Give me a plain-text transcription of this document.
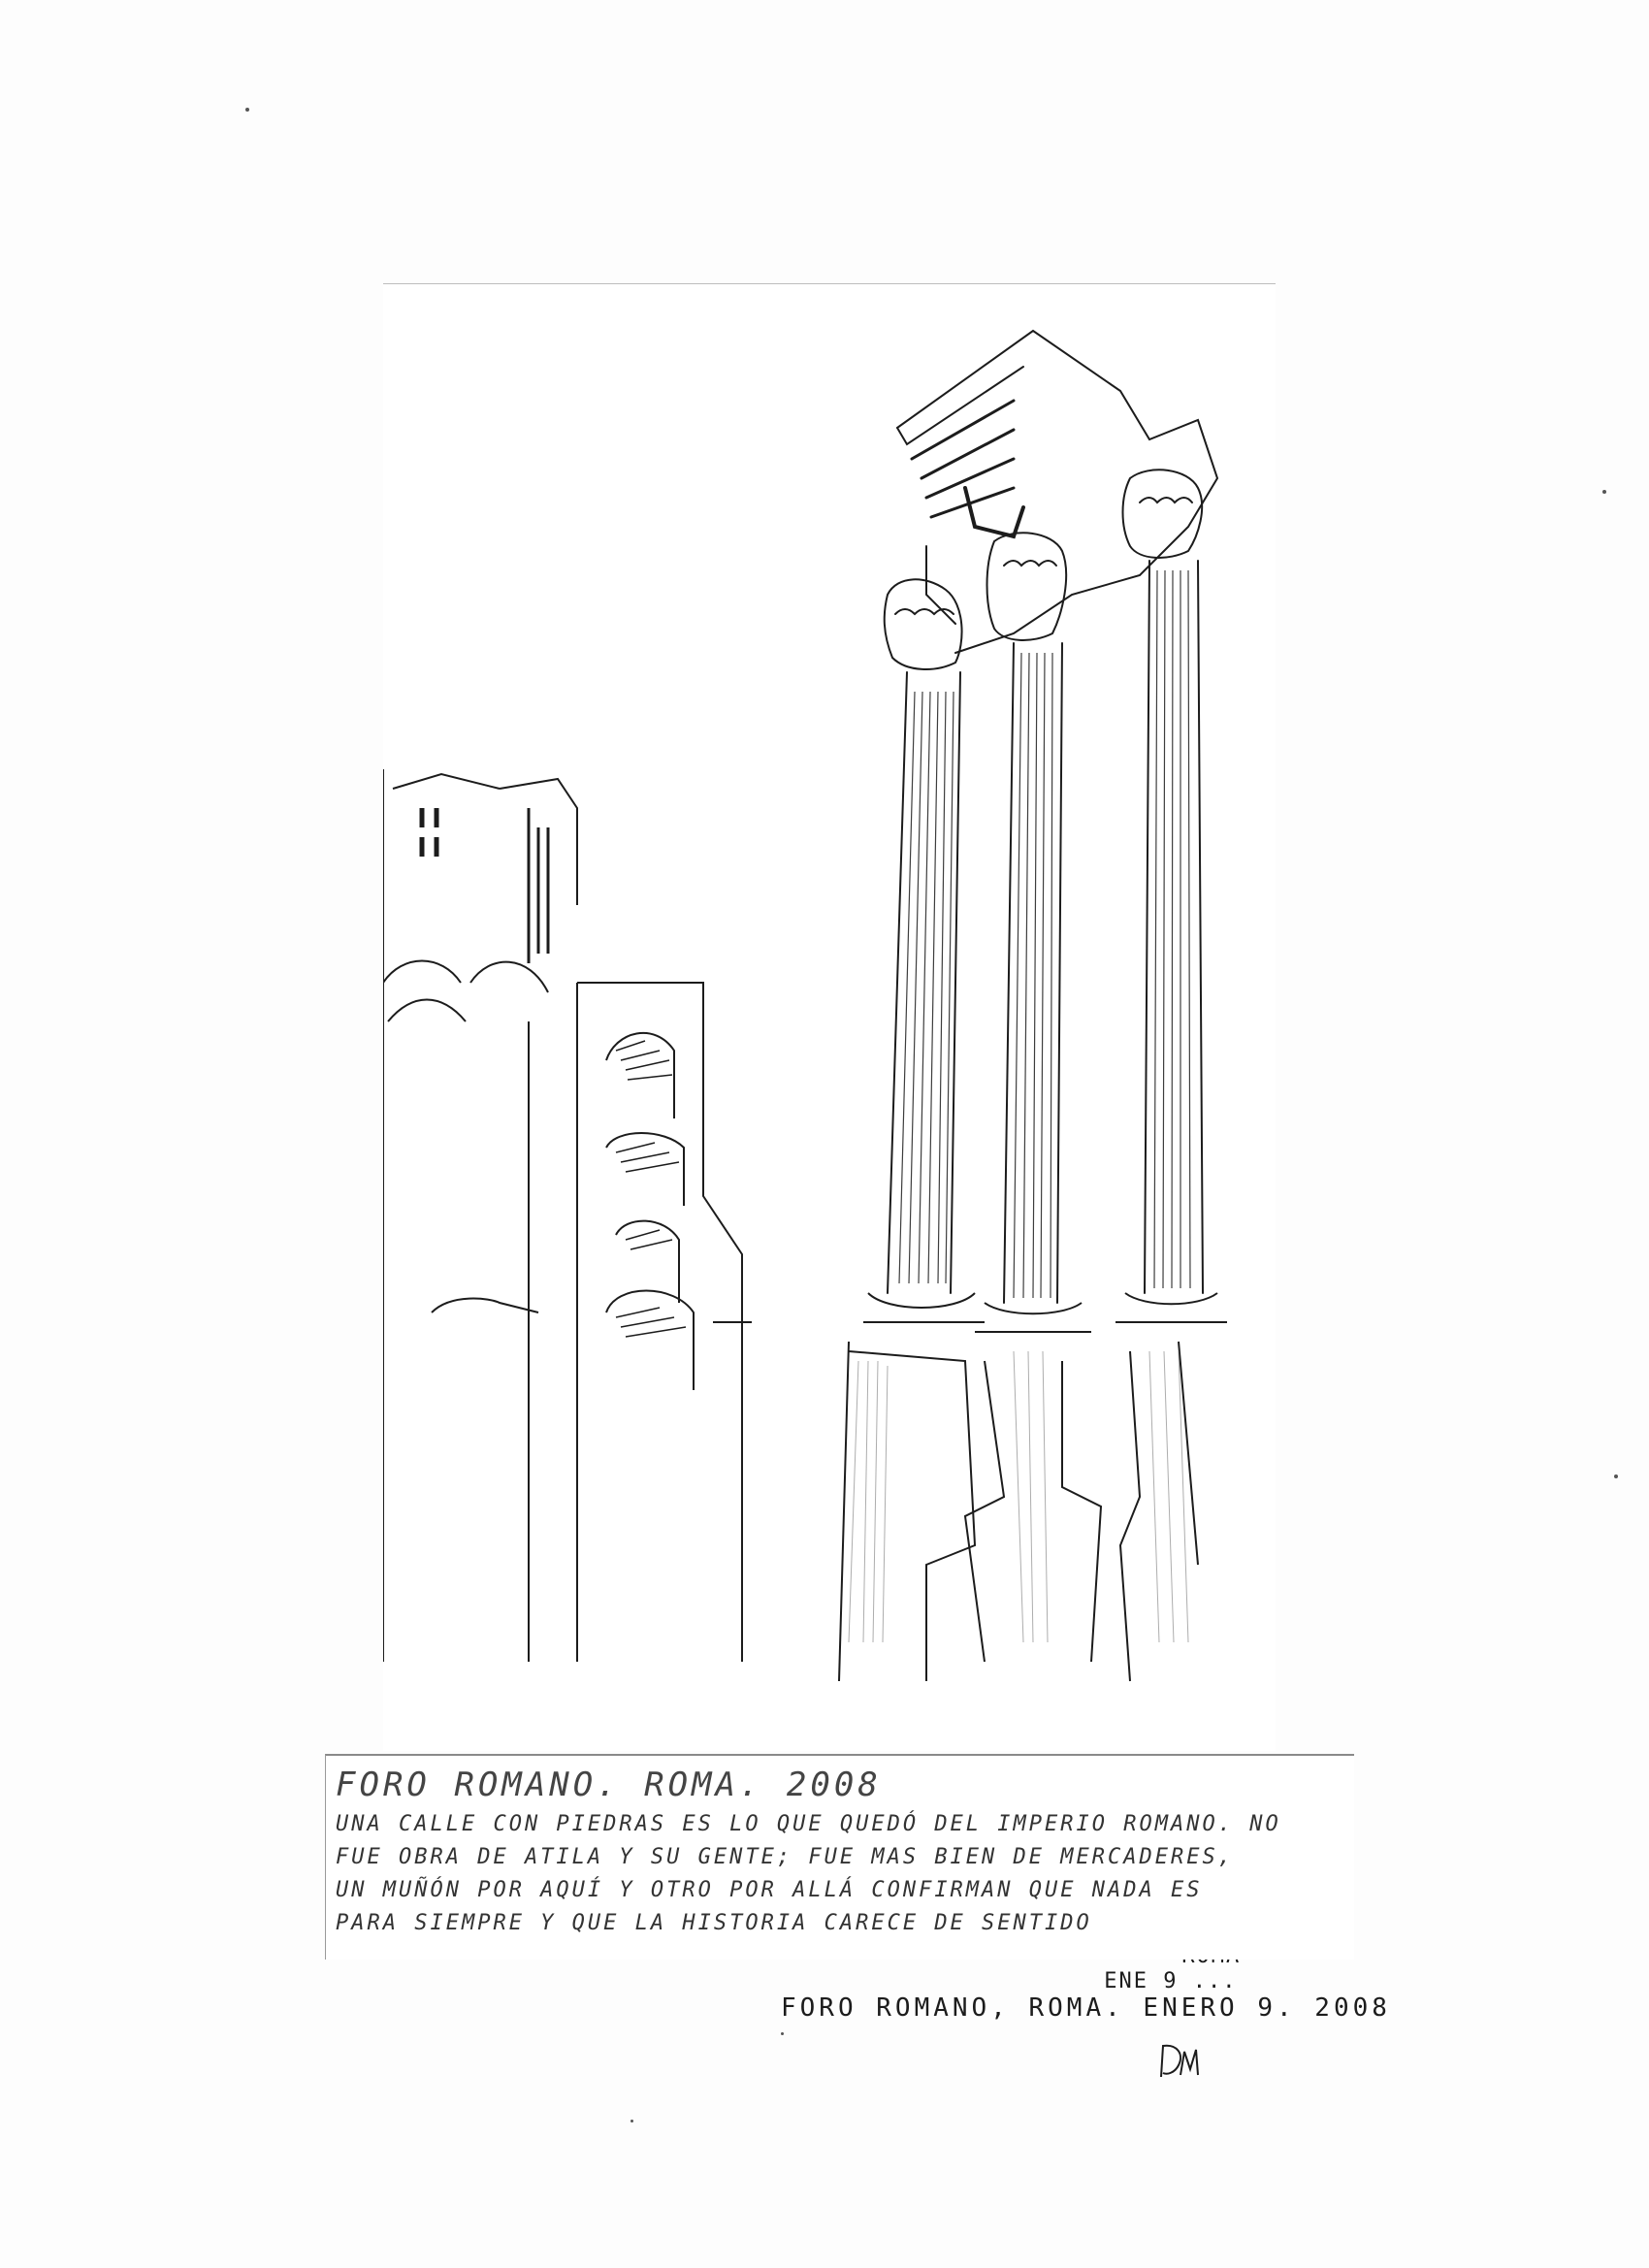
ENE 9 ...
FORO ROMANO, ROMA. ENERO 9. 2008
FORO ROMANO. ROMA. 2008
UNA CALLE CON PIEDRAS ES LO QUE QUEDÓ DEL IMPERIO ROMANO. NO
FUE OBRA DE ATILA Y SU GENTE; FUE MAS BIEN DE MERCADERES,
UN MUÑÓN POR AQUÍ Y OTRO POR ALLÁ CONFIRMAN QUE NADA ES
PARA SIEMPRE Y QUE LA HISTORIA CARECE DE SENTIDO
